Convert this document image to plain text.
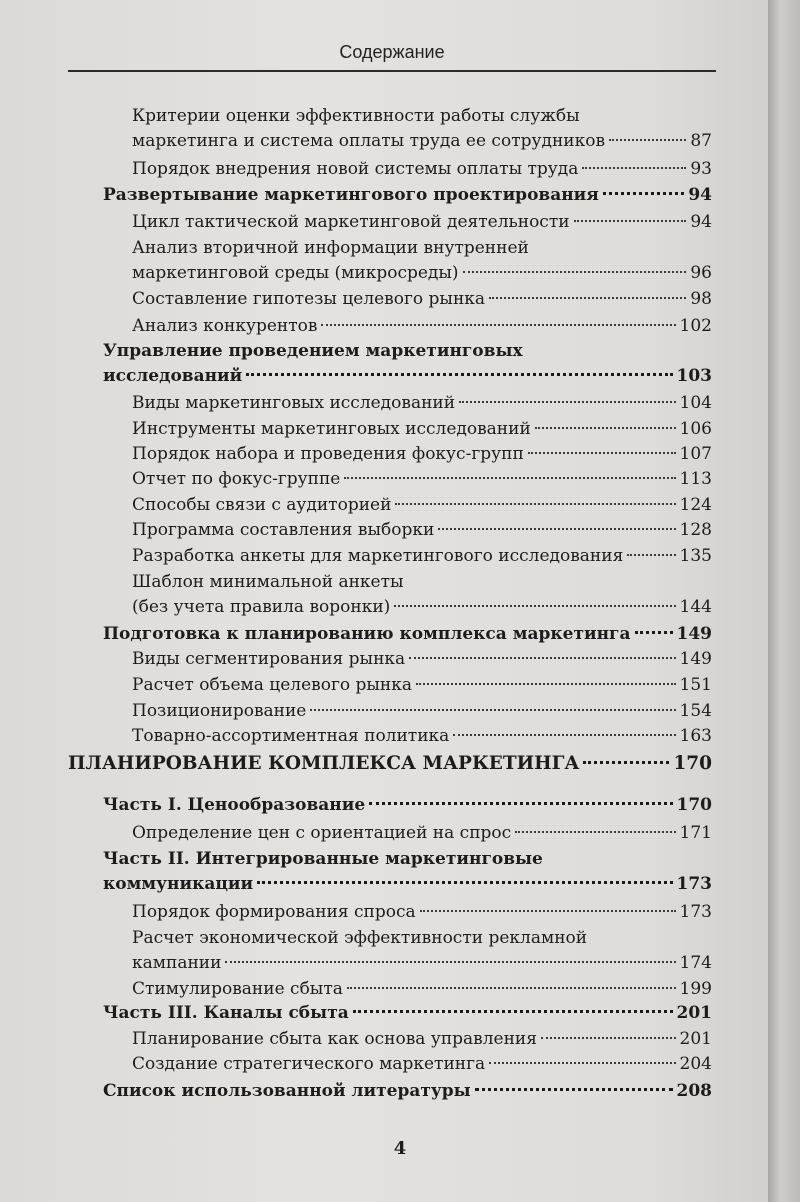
Содержание
Критерии оценки эффективности работы службы
маркетинга и система оплаты труда ее сотрудников	87
Порядок внедрения новой системы оплаты труда	93
Развертывание маркетингового проектирования	94
Цикл тактической маркетинговой деятельности	94
Анализ вторичной информации внутренней
маркетинговой среды (микросреды)	96
Составление гипотезы целевого рынка	98
Анализ конкурентов	102
Управление проведением маркетинговых
исследований	103
Виды маркетинговых исследований	104
Инструменты маркетинговых исследований	106
Порядок набора и проведения фокус-групп	107
Отчет по фокус-группе	113
Способы связи с аудиторией	124
Программа составления выборки	128
Разработка анкеты для маркетингового исследования	135
Шаблон минимальной анкеты
(без учета правила воронки)	144
Подготовка к планированию комплекса маркетинга	149
Виды сегментирования рынка	149
Расчет объема целевого рынка	151
Позиционирование	154
Товарно-ассортиментная политика	163
ПЛАНИРОВАНИЕ КОМПЛЕКСА МАРКЕТИНГА	170
Часть I. Ценообразование	170
Определение цен с ориентацией на спрос	171
Часть II. Интегрированные маркетинговые
коммуникации	173
Порядок формирования спроса	173
Расчет экономической эффективности рекламной
кампании	174
Стимулирование сбыта	199
Часть III. Каналы сбыта	201
Планирование сбыта как основа управления	201
Создание стратегического маркетинга	204
Список использованной литературы	208
4
